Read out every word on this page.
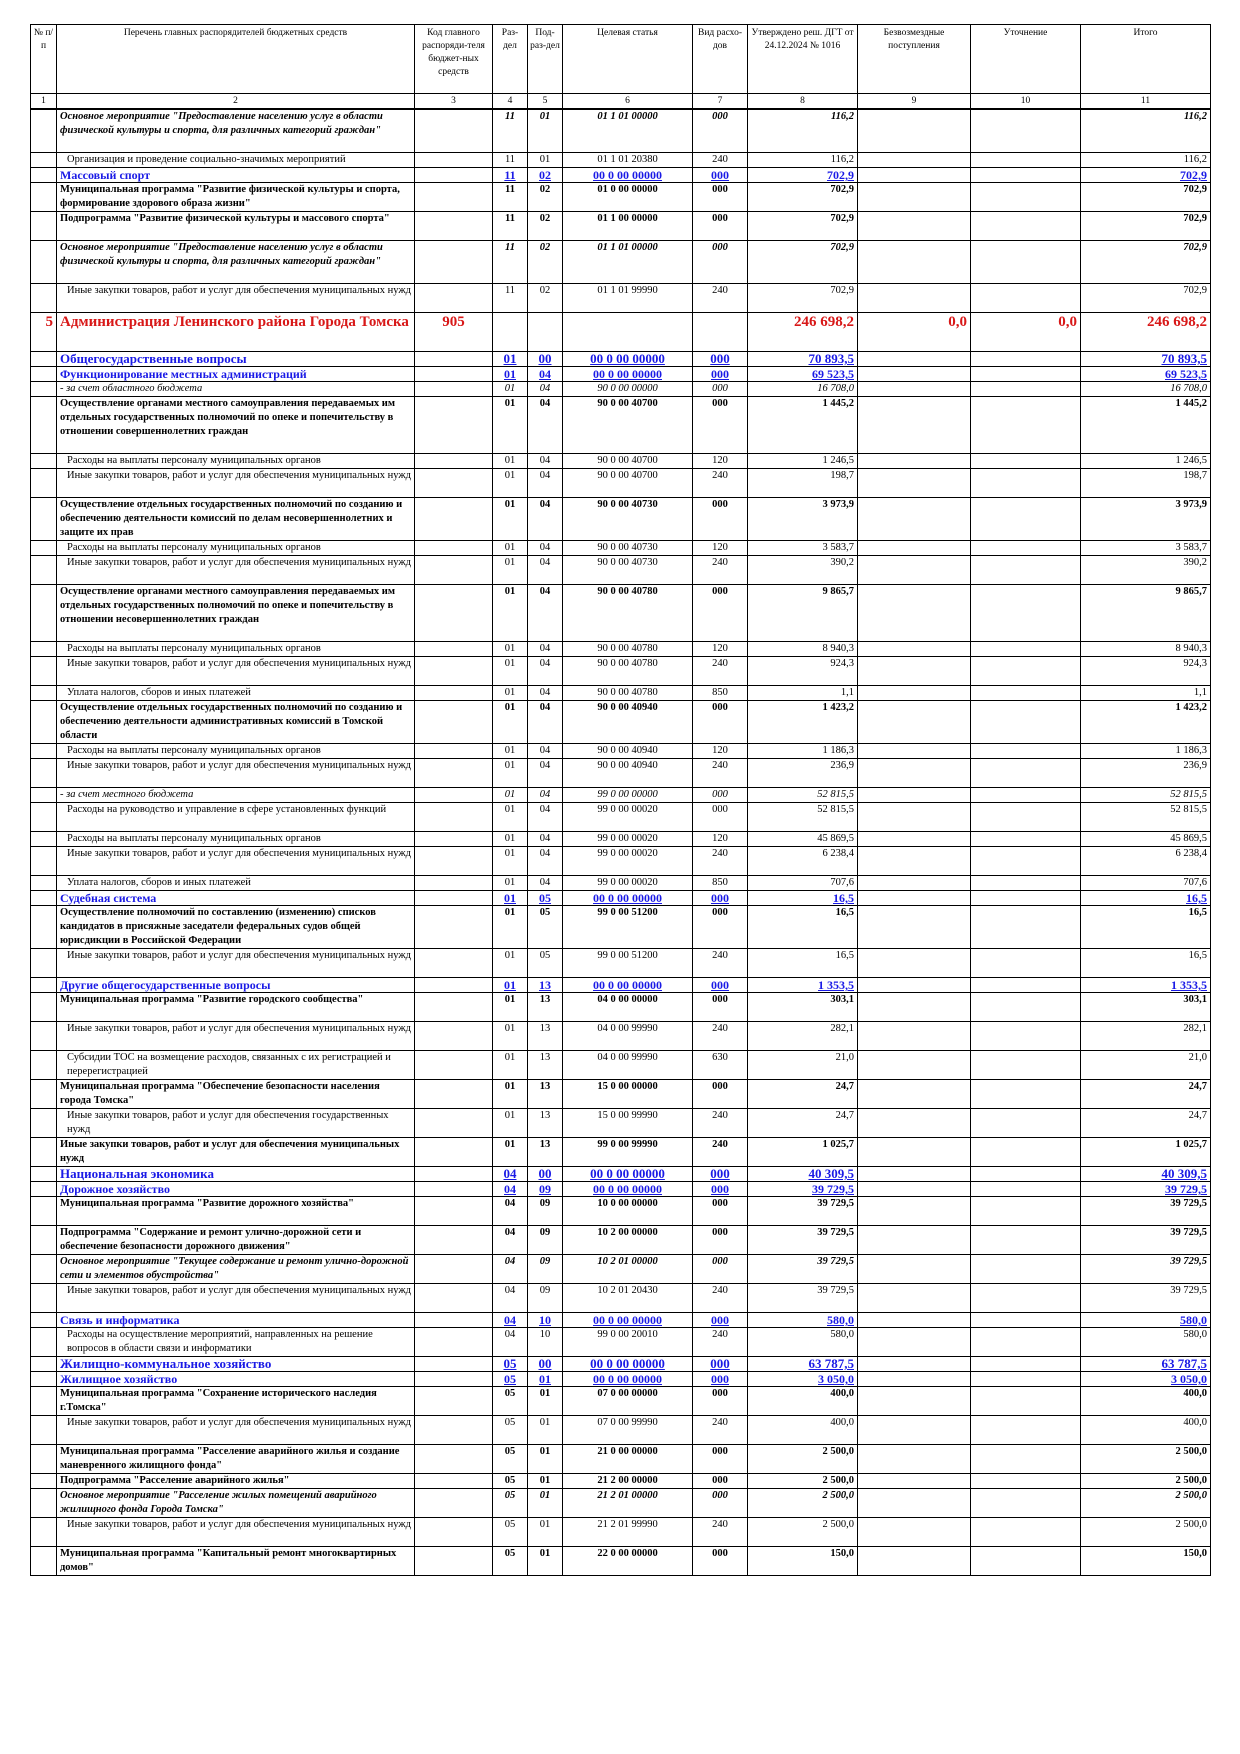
№ п/п	Перечень главных распорядителей бюджетных средств	Код главного распоряди-теля бюджет-ных средств	Раз-дел	Под-раз-дел	Целевая статья	Вид расхо-дов	Утверждено реш. ДГТ от 24.12.2024 № 1016	Безвозмездные поступления	Уточнение	Итого
1	2	3	4	5	6	7	8	9	10	11
	Основное мероприятие "Предоставление населению услуг в области физической культуры и спорта, для различных категорий граждан"		11	01	01 1 01 00000	000	116,2			116,2
	Организация и проведение социально-значимых мероприятий		11	01	01 1 01 20380	240	116,2			116,2
	Массовый спорт		11	02	00 0 00 00000	000	702,9			702,9
	Муниципальная программа "Развитие физической культуры и спорта, формирование здорового образа жизни"		11	02	01 0 00 00000	000	702,9			702,9
	Подпрограмма "Развитие физической культуры и массового спорта"		11	02	01 1 00 00000	000	702,9			702,9
	Основное мероприятие "Предоставление населению услуг в области физической культуры и спорта, для различных категорий граждан"		11	02	01 1 01 00000	000	702,9			702,9
	Иные закупки товаров, работ и услуг для обеспечения муниципальных нужд		11	02	01 1 01 99990	240	702,9			702,9
5	Администрация Ленинского района Города Томска	905					246 698,2	0,0	0,0	246 698,2
	Общегосударственные вопросы		01	00	00 0 00 00000	000	70 893,5			70 893,5
	Функционирование местных администраций		01	04	00 0 00 00000	000	69 523,5			69 523,5
	- за счет областного бюджета		01	04	90 0 00 00000	000	16 708,0			16 708,0
	Осуществление органами местного самоуправления передаваемых им отдельных государственных полномочий по опеке и попечительству в отношении совершеннолетних граждан		01	04	90 0 00 40700	000	1 445,2			1 445,2
	Расходы на выплаты персоналу муниципальных органов		01	04	90 0 00 40700	120	1 246,5			1 246,5
	Иные закупки товаров, работ и услуг для обеспечения муниципальных нужд		01	04	90 0 00 40700	240	198,7			198,7
	Осуществление отдельных государственных полномочий по созданию и обеспечению деятельности комиссий по делам несовершеннолетних и защите их прав		01	04	90 0 00 40730	000	3 973,9			3 973,9
	Расходы на выплаты персоналу муниципальных органов		01	04	90 0 00 40730	120	3 583,7			3 583,7
	Иные закупки товаров, работ и услуг для обеспечения муниципальных нужд		01	04	90 0 00 40730	240	390,2			390,2
	Осуществление органами местного самоуправления передаваемых им отдельных государственных полномочий по опеке и попечительству в отношении несовершеннолетних граждан		01	04	90 0 00 40780	000	9 865,7			9 865,7
	Расходы на выплаты персоналу муниципальных органов		01	04	90 0 00 40780	120	8 940,3			8 940,3
	Иные закупки товаров, работ и услуг для обеспечения муниципальных нужд		01	04	90 0 00 40780	240	924,3			924,3
	Уплата налогов, сборов и иных платежей		01	04	90 0 00 40780	850	1,1			1,1
	Осуществление отдельных государственных полномочий по созданию и обеспечению деятельности административных комиссий в Томской области		01	04	90 0 00 40940	000	1 423,2			1 423,2
	Расходы на выплаты персоналу муниципальных органов		01	04	90 0 00 40940	120	1 186,3			1 186,3
	Иные закупки товаров, работ и услуг для обеспечения муниципальных нужд		01	04	90 0 00 40940	240	236,9			236,9
	- за счет местного бюджета		01	04	99 0 00 00000	000	52 815,5			52 815,5
	Расходы на руководство и управление в сфере установленных функций		01	04	99 0 00 00020	000	52 815,5			52 815,5
	Расходы на выплаты персоналу муниципальных органов		01	04	99 0 00 00020	120	45 869,5			45 869,5
	Иные закупки товаров, работ и услуг для обеспечения муниципальных нужд		01	04	99 0 00 00020	240	6 238,4			6 238,4
	Уплата налогов, сборов и иных платежей		01	04	99 0 00 00020	850	707,6			707,6
	Судебная система		01	05	00 0 00 00000	000	16,5			16,5
	Осуществление полномочий по составлению (изменению) списков кандидатов в присяжные заседатели федеральных судов общей юрисдикции в Российской Федерации		01	05	99 0 00 51200	000	16,5			16,5
	Иные закупки товаров, работ и услуг для обеспечения муниципальных нужд		01	05	99 0 00 51200	240	16,5			16,5
	Другие общегосударственные вопросы		01	13	00 0 00 00000	000	1 353,5			1 353,5
	Муниципальная программа "Развитие городского сообщества"		01	13	04 0 00 00000	000	303,1			303,1
	Иные закупки товаров, работ и услуг для обеспечения муниципальных нужд		01	13	04 0 00 99990	240	282,1			282,1
	Субсидии ТОС на возмещение расходов, связанных с их регистрацией и перерегистрацией		01	13	04 0 00 99990	630	21,0			21,0
	Муниципальная программа "Обеспечение безопасности населения города Томска"		01	13	15 0 00 00000	000	24,7			24,7
	Иные закупки товаров, работ и услуг для обеспечения государственных нужд		01	13	15 0 00 99990	240	24,7			24,7
	Иные закупки товаров, работ и услуг для обеспечения муниципальных нужд		01	13	99 0 00 99990	240	1 025,7			1 025,7
	Национальная экономика		04	00	00 0 00 00000	000	40 309,5			40 309,5
	Дорожное хозяйство		04	09	00 0 00 00000	000	39 729,5			39 729,5
	Муниципальная программа "Развитие дорожного хозяйства"		04	09	10 0 00 00000	000	39 729,5			39 729,5
	Подпрограмма "Содержание и ремонт улично-дорожной сети и обеспечение безопасности дорожного движения"		04	09	10 2 00 00000	000	39 729,5			39 729,5
	Основное мероприятие "Текущее содержание и ремонт улично-дорожной сети и элементов обустройства"		04	09	10 2 01 00000	000	39 729,5			39 729,5
	Иные закупки товаров, работ и услуг для обеспечения муниципальных нужд		04	09	10 2 01 20430	240	39 729,5			39 729,5
	Связь и информатика		04	10	00 0 00 00000	000	580,0			580,0
	Расходы на осуществление мероприятий, направленных на решение вопросов в области связи и информатики		04	10	99 0 00 20010	240	580,0			580,0
	Жилищно-коммунальное хозяйство		05	00	00 0 00 00000	000	63 787,5			63 787,5
	Жилищное хозяйство		05	01	00 0 00 00000	000	3 050,0			3 050,0
	Муниципальная программа "Сохранение исторического наследия г.Томска"		05	01	07 0 00 00000	000	400,0			400,0
	Иные закупки товаров, работ и услуг для обеспечения муниципальных нужд		05	01	07 0 00 99990	240	400,0			400,0
	Муниципальная программа "Расселение аварийного жилья и создание маневренного жилищного фонда"		05	01	21 0 00 00000	000	2 500,0			2 500,0
	Подпрограмма "Расселение аварийного жилья"		05	01	21 2 00 00000	000	2 500,0			2 500,0
	Основное мероприятие "Расселение жилых помещений аварийного жилищного фонда Города Томска"		05	01	21 2 01 00000	000	2 500,0			2 500,0
	Иные закупки товаров, работ и услуг для обеспечения муниципальных нужд		05	01	21 2 01 99990	240	2 500,0			2 500,0
	Муниципальная программа "Капитальный ремонт многоквартирных домов"		05	01	22 0 00 00000	000	150,0			150,0
